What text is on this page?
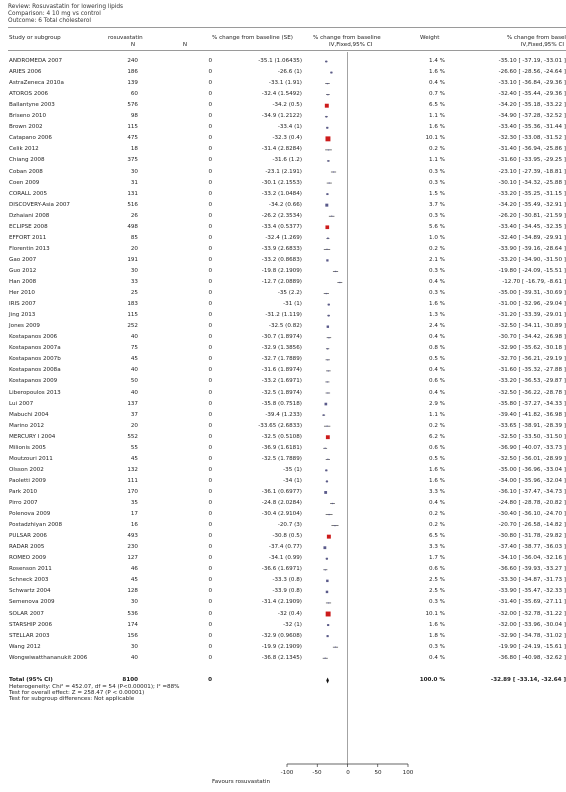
Review: Rosuvastatin for lowering lipids
Comparison: 4 10 mg vs control
Outcome: 6 Total cholesterol
Study or subgroup	rosuvastatin
N	N
% change from baseline (SE)	% change from baseline
IV,Fixed,95% CI
Weight	% change from basel
IV,Fixed,95% CI
ANDROMEDA 2007	240	0	-35.1 (1.06435)	1.4 %	-35.10 [ -37.19, -33.01 ]
ARIES 2006	186	0	-26.6 (1)	1.6 %	-26.60 [ -28.56, -24.64 ]
AstraZeneca 2010a	139	0	-33.1 (1.91)	0.4 %	-33.10 [ -36.84, -29.36 ]
ATOROS 2006	60	0	-32.4 (1.5492)	0.7 %	-32.40 [ -35.44, -29.36 ]
Ballantyne 2003	576	0	-34.2 (0.5)	6.5 %	-34.20 [ -35.18, -33.22 ]
Briseno 2010	98	0	-34.9 (1.2122)	1.1 %	-34.90 [ -37.28, -32.52 ]
Brown 2002	115	0	-33.4 (1)	1.6 %	-33.40 [ -35.36, -31.44 ]
Catapano 2006	475	0	-32.3 (0.4)	10.1 %	-32.30 [ -33.08, -31.52 ]
Celik 2012	18	0	-31.4 (2.8284)	0.2 %	-31.40 [ -36.94, -25.86 ]
Chiang 2008	375	0	-31.6 (1.2)	1.1 %	-31.60 [ -33.95, -29.25 ]
Coban 2008	30	0	-23.1 (2.191)	0.3 %	-23.10 [ -27.39, -18.81 ]
Coen 2009	31	0	-30.1 (2.1553)	0.3 %	-30.10 [ -34.32, -25.88 ]
CORALL 2005	131	0	-33.2 (1.0484)	1.5 %	-33.20 [ -35.25, -31.15 ]
DISCOVERY-Asia 2007	516	0	-34.2 (0.66)	3.7 %	-34.20 [ -35.49, -32.91 ]
Dzhaiani 2008	26	0	-26.2 (2.3534)	0.3 %	-26.20 [ -30.81, -21.59 ]
ECLIPSE 2008	498	0	-33.4 (0.5377)	5.6 %	-33.40 [ -34.45, -32.35 ]
EFFORT 2011	85	0	-32.4 (1.269)	1.0 %	-32.40 [ -34.89, -29.91 ]
Florentin 2013	20	0	-33.9 (2.6833)	0.2 %	-33.90 [ -39.16, -28.64 ]
Gao 2007	191	0	-33.2 (0.8683)	2.1 %	-33.20 [ -34.90, -31.50 ]
Guo 2012	30	0	-19.8 (2.1909)	0.3 %	-19.80 [ -24.09, -15.51 ]
Han 2008	33	0	-12.7 (2.0889)	0.4 %	-12.70 [ -16.79, -8.61 ]
Her 2010	25	0	-35 (2.2)	0.3 %	-35.00 [ -39.31, -30.69 ]
IRIS 2007	183	0	-31 (1)	1.6 %	-31.00 [ -32.96, -29.04 ]
Jing 2013	115	0	-31.2 (1.119)	1.3 %	-31.20 [ -33.39, -29.01 ]
Jones 2009	252	0	-32.5 (0.82)	2.4 %	-32.50 [ -34.11, -30.89 ]
Kostapanos 2006	40	0	-30.7 (1.8974)	0.4 %	-30.70 [ -34.42, -26.98 ]
Kostapanos 2007a	75	0	-32.9 (1.3856)	0.8 %	-32.90 [ -35.62, -30.18 ]
Kostapanos 2007b	45	0	-32.7 (1.7889)	0.5 %	-32.70 [ -36.21, -29.19 ]
Kostapanos 2008a	40	0	-31.6 (1.8974)	0.4 %	-31.60 [ -35.32, -27.88 ]
Kostapanos 2009	50	0	-33.2 (1.6971)	0.6 %	-33.20 [ -36.53, -29.87 ]
Liberopoulos 2013	40	0	-32.5 (1.8974)	0.4 %	-32.50 [ -36.22, -28.78 ]
Lui 2007	137	0	-35.8 (0.7518)	2.9 %	-35.80 [ -37.27, -34.33 ]
Mabuchi 2004	37	0	-39.4 (1.233)	1.1 %	-39.40 [ -41.82, -36.98 ]
Marino 2012	20	0	-33.65 (2.6833)	0.2 %	-33.65 [ -38.91, -28.39 ]
MERCURY I 2004	552	0	-32.5 (0.5108)	6.2 %	-32.50 [ -33.50, -31.50 ]
Milionis 2005	55	0	-36.9 (1.6181)	0.6 %	-36.90 [ -40.07, -33.73 ]
Moutzouri 2011	45	0	-32.5 (1.7889)	0.5 %	-32.50 [ -36.01, -28.99 ]
Olsson 2002	132	0	-35 (1)	1.6 %	-35.00 [ -36.96, -33.04 ]
Paoletti 2009	111	0	-34 (1)	1.6 %	-34.00 [ -35.96, -32.04 ]
Park 2010	170	0	-36.1 (0.6977)	3.3 %	-36.10 [ -37.47, -34.73 ]
Pirro 2007	35	0	-24.8 (2.0284)	0.4 %	-24.80 [ -28.78, -20.82 ]
Polenova 2009	17	0	-30.4 (2.9104)	0.2 %	-30.40 [ -36.10, -24.70 ]
Postadzhiyan 2008	16	0	-20.7 (3)	0.2 %	-20.70 [ -26.58, -14.82 ]
PULSAR 2006	493	0	-30.8 (0.5)	6.5 %	-30.80 [ -31.78, -29.82 ]
RADAR 2005	230	0	-37.4 (0.77)	3.3 %	-37.40 [ -38.77, -36.03 ]
ROMEO 2009	127	0	-34.1 (0.99)	1.7 %	-34.10 [ -36.04, -32.16 ]
Rosenson 2011	46	0	-36.6 (1.6971)	0.6 %	-36.60 [ -39.93, -33.27 ]
Schneck 2003	45	0	-33.3 (0.8)	2.5 %	-33.30 [ -34.87, -31.73 ]
Schwartz 2004	128	0	-33.9 (0.8)	2.5 %	-33.90 [ -35.47, -32.33 ]
Semenova 2009	30	0	-31.4 (2.1909)	0.3 %	-31.40 [ -35.69, -27.11 ]
SOLAR 2007	536	0	-32 (0.4)	10.1 %	-32.00 [ -32.78, -31.22 ]
STARSHIP 2006	174	0	-32 (1)	1.6 %	-32.00 [ -33.96, -30.04 ]
STELLAR 2003	156	0	-32.9 (0.9608)	1.8 %	-32.90 [ -34.78, -31.02 ]
Wang 2012	30	0	-19.9 (2.1909)	0.3 %	-19.90 [ -24.19, -15.61 ]
Wongwiwatthananukit 2006	40	0	-36.8 (2.1345)	0.4 %	-36.80 [ -40.98, -32.62 ]
Total (95% CI)	8100	0	100.0 %	-32.89 [ -33.14, -32.64 ]
Heterogeneity: Chi² = 452.07, df = 54 (P<0.00001); I² =88%
Test for overall effect: Z = 258.47 (P < 0.00001)
Test for subgroup differences: Not applicable
-100	-50	0	50	100
Favours rosuvastatin
